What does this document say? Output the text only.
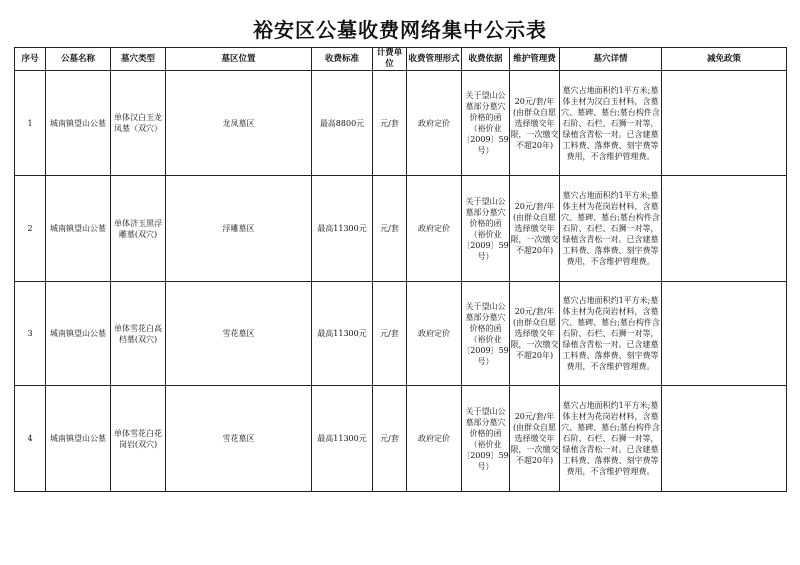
裕安区公墓收费网络集中公示表
序号	公墓名称	墓穴类型	墓区位置	收费标准	计费单位	收费管理形式	收费依据	维护管理费	墓穴详情	减免政策
1	城南镇望山公墓	单体汉白玉龙凤墓（双穴）	龙凤墓区	最高8800元	元/套	政府定价	关于望山公墓部分墓穴价格的函（裕价业〔2009〕59号）	20元/套/年(由群众自愿选择缴交年限，一次缴交不超20年)	墓穴占地面积约1平方米;墓体主材为汉白玉材料，含墓穴、墓碑、墓台;墓台构件含石阶、石栏、石狮一对等，绿植含青松一对。已含建墓工料费、落葬费、刻字费等费用，不含维护管理费。	
2	城南镇望山公墓	单体济玉黑浮雕墓(双穴)	浮雕墓区	最高11300元	元/套	政府定价	关于望山公墓部分墓穴价格的函（裕价业〔2009〕59号）	20元/套/年(由群众自愿选择缴交年限，一次缴交不超20年)	墓穴占地面积约1平方米;墓体主材为花岗岩材料，含墓穴、墓碑、墓台;墓台构件含石阶、石栏、石狮一对等，绿植含青松一对。已含建墓工料费、落葬费、刻字费等费用，不含维护管理费。	
3	城南镇望山公墓	单体雪花白高档墓(双穴)	雪花墓区	最高11300元	元/套	政府定价	关于望山公墓部分墓穴价格的函（裕价业〔2009〕59号）	20元/套/年(由群众自愿选择缴交年限，一次缴交不超20年)	墓穴占地面积约1平方米;墓体主材为花岗岩材料，含墓穴、墓碑、墓台;墓台构件含石阶、石栏、石狮一对等，绿植含青松一对。已含建墓工料费、落葬费、刻字费等费用，不含维护管理费。	
4	城南镇望山公墓	单体雪花白花岗岩(双穴)	雪花墓区	最高11300元	元/套	政府定价	关于望山公墓部分墓穴价格的函（裕价业〔2009〕59号）	20元/套/年(由群众自愿选择缴交年限，一次缴交不超20年)	墓穴占地面积约1平方米;墓体主材为花岗岩材料，含墓穴、墓碑、墓台;墓台构件含石阶、石栏、石狮一对等，绿植含青松一对。已含建墓工料费、落葬费、刻字费等费用，不含维护管理费。	
